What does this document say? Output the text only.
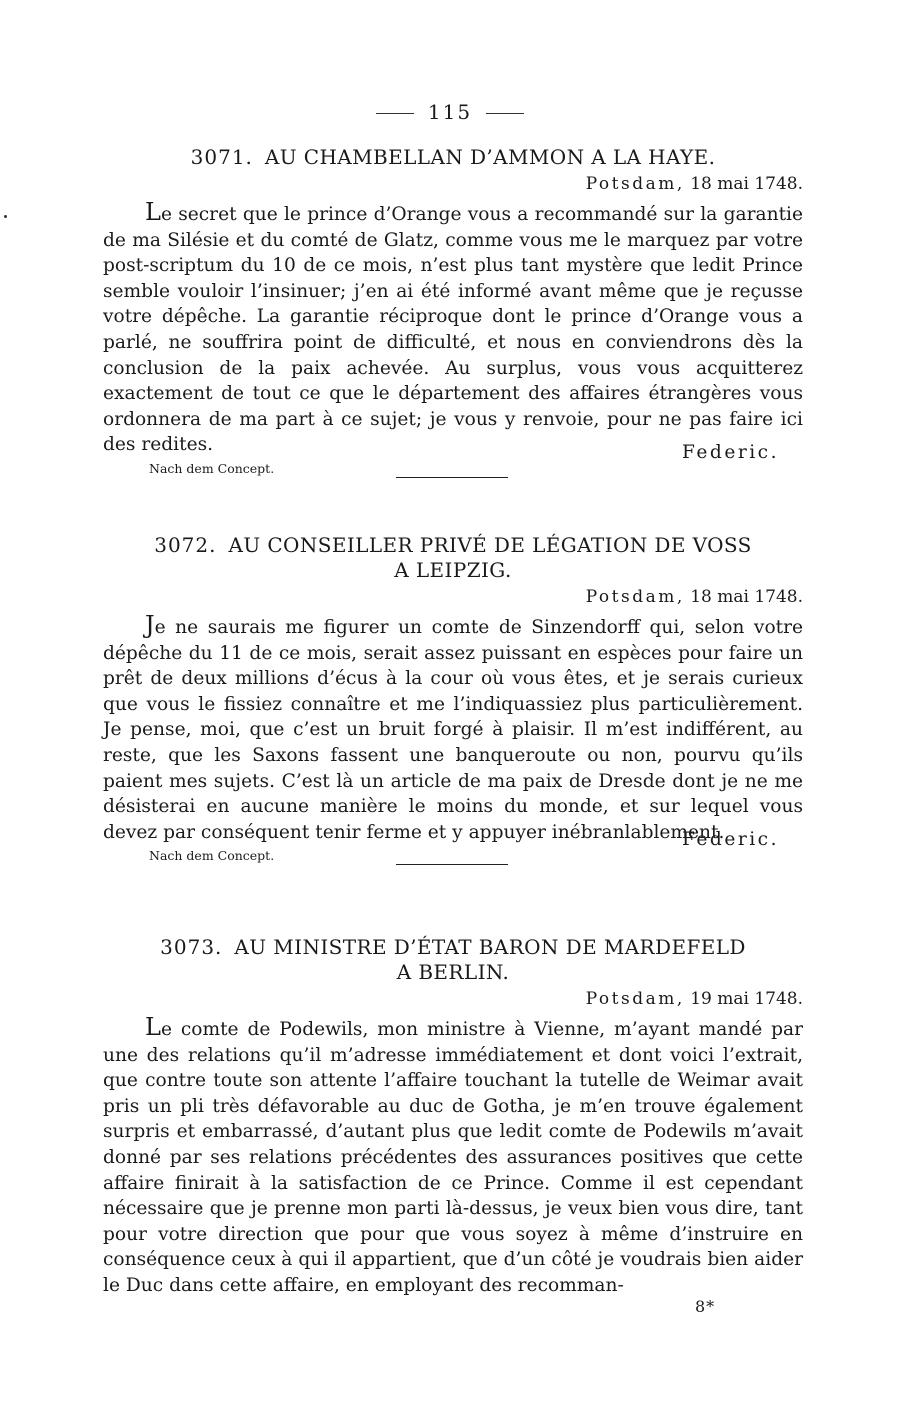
115
3071. AU CHAMBELLAN D’AMMON A LA HAYE.
Potsdam, 18 mai 1748.

Le secret que le prince d’Orange vous a recommandé sur la garantie de ma Silésie et du comté de Glatz, comme vous me le marquez par votre post-scriptum du 10 de ce mois, n’est plus tant mystère que ledit Prince semble vouloir l’insinuer; j’en ai été informé avant même que je reçusse votre dépêche. La garantie réciproque dont le prince d’Orange vous a parlé, ne souffrira point de difficulté, et nous en conviendrons dès la conclusion de la paix achevée. Au surplus, vous vous acquitterez exactement de tout ce que le département des affaires étrangères vous ordonnera de ma part à ce sujet; je vous y renvoie, pour ne pas faire ici des redites.	Federic.
Nach dem Concept.
3072. AU CONSEILLER PRIVÉ DE LÉGATION DE VOSS
A LEIPZIG.
Potsdam, 18 mai 1748.

Je ne saurais me figurer un comte de Sinzendorff qui, selon votre dépêche du 11 de ce mois, serait assez puissant en espèces pour faire un prêt de deux millions d’écus à la cour où vous êtes, et je serais curieux que vous le fissiez connaître et me l’indiquassiez plus particulièrement. Je pense, moi, que c’est un bruit forgé à plaisir. Il m’est indifférent, au reste, que les Saxons fassent une banqueroute ou non, pourvu qu’ils paient mes sujets. C’est là un article de ma paix de Dresde dont je ne me désisterai en aucune manière le moins du monde, et sur lequel vous devez par conséquent tenir ferme et y appuyer inébranlablement.

Federic.
Nach dem Concept.
3073. AU MINISTRE D’ÉTAT BARON DE MARDEFELD
A BERLIN.
Potsdam, 19 mai 1748.

Le comte de Podewils, mon ministre à Vienne, m’ayant mandé par une des relations qu’il m’adresse immédiatement et dont voici l’extrait, que contre toute son attente l’affaire touchant la tutelle de Weimar avait pris un pli très défavorable au duc de Gotha, je m’en trouve également surpris et embarrassé, d’autant plus que ledit comte de Podewils m’avait donné par ses relations précédentes des assurances positives que cette affaire finirait à la satisfaction de ce Prince. Comme il est cependant nécessaire que je prenne mon parti là-dessus, je veux bien vous dire, tant pour votre direction que pour que vous soyez à même d’instruire en conséquence ceux à qui il appartient, que d’un côté je voudrais bien aider le Duc dans cette affaire, en employant des recomman-

8*
